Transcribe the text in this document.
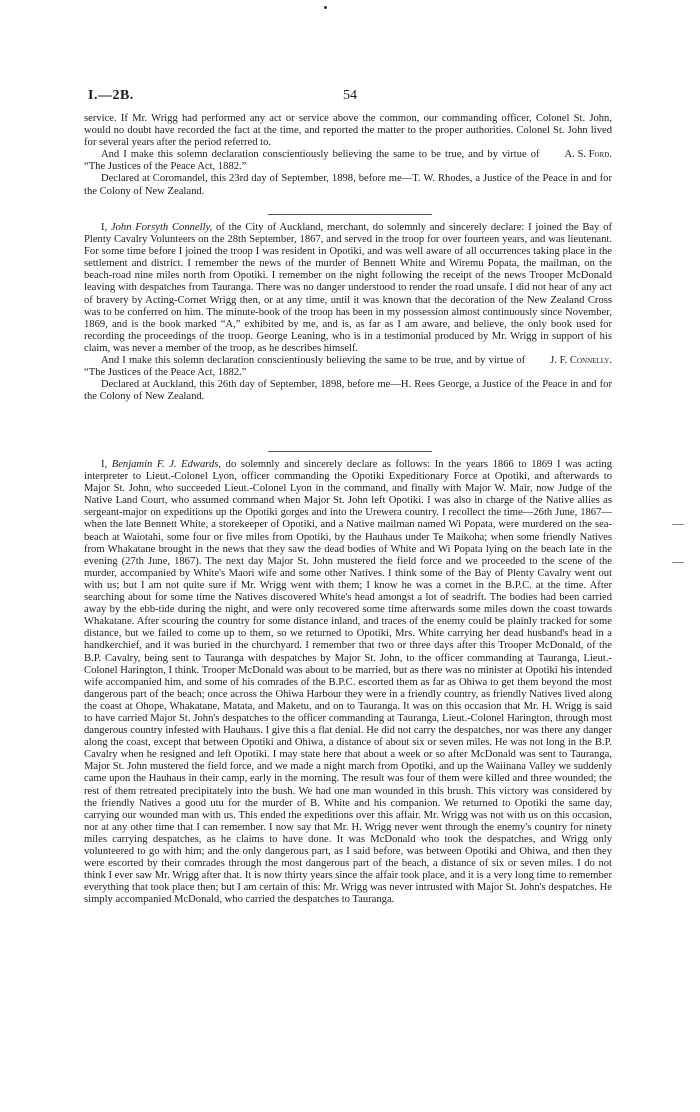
I.—2B.	54

service. If Mr. Wrigg had performed any act or service above the common, our commanding officer, Colonel St. John, would no doubt have recorded the fact at the time, and reported the matter to the proper authorities. Colonel St. John lived for several years after the period referred to.

A. S. Ford.
And I make this solemn declaration conscientiously believing the same to be true, and by virtue of “The Justices of the Peace Act, 1882.”

Declared at Coromandel, this 23rd day of September, 1898, before me—T. W. Rhodes, a Justice of the Peace in and for the Colony of New Zealand.

I, John Forsyth Connelly, of the City of Auckland, merchant, do solemnly and sincerely declare: I joined the Bay of Plenty Cavalry Volunteers on the 28th September, 1867, and served in the troop for over fourteen years, and was lieutenant. For some time before I joined the troop I was resident in Opotiki, and was well aware of all occurrences taking place in the settlement and district. I remember the news of the murder of Bennett White and Wiremu Popata, the mailman, on the beach-road nine miles north from Opotiki. I remember on the night following the receipt of the news Trooper McDonald leaving with despatches from Tauranga. There was no danger understood to render the road unsafe. I did not hear of any act of bravery by Acting-Cornet Wrigg then, or at any time, until it was known that the decoration of the New Zealand Cross was to be conferred on him. The minute-book of the troop has been in my possession almost continuously since November, 1869, and is the book marked “A,” exhibited by me, and is, as far as I am aware, and believe, the only book used for recording the proceedings of the troop. George Leaning, who is in a testimonial produced by Mr. Wrigg in support of his claim, was never a member of the troop, as he describes himself.

J. F. Connelly.
And I make this solemn declaration conscientiously believing the same to be true, and by virtue of “The Justices of the Peace Act, 1882.”

Declared at Auckland, this 26th day of September, 1898, before me—H. Rees George, a Justice of the Peace in and for the Colony of New Zealand.

I, Benjamin F. J. Edwards, do solemnly and sincerely declare as follows: In the years 1866 to 1869 I was acting interpreter to Lieut.-Colonel Lyon, officer commanding the Opotiki Expeditionary Force at Opotiki, and afterwards to Major St. John, who succeeded Lieut.-Colonel Lyon in the command, and finally with Major W. Mair, now Judge of the Native Land Court, who assumed command when Major St. John left Opotiki. I was also in charge of the Native allies as sergeant-major on expeditions up the Opotiki gorges and into the Urewera country. I recollect the time—26th June, 1867—when the late Bennett White, a storekeeper of Opotiki, and a Native mailman named Wi Popata, were murdered on the sea-beach at Waiotahi, some four or five miles from Opotiki, by the Hauhaus under Te Maikoha; when some friendly Natives from Whakatane brought in the news that they saw the dead bodies of White and Wi Popata lying on the beach late in the evening (27th June, 1867). The next day Major St. John mustered the field force and we proceeded to the scene of the murder, accompanied by White's Maori wife and some other Natives. I think some of the Bay of Plenty Cavalry went out with us; but I am not quite sure if Mr. Wrigg went with them; I know he was a cornet in the B.P.C. at the time. After searching about for some time the Natives discovered White's head amongst a lot of seadrift. The bodies had been carried away by the ebb-tide during the night, and were only recovered some time afterwards some miles down the coast towards Whakatane. After scouring the country for some distance inland, and traces of the enemy could be plainly tracked for some distance, but we failed to come up to them, so we returned to Opotiki, Mrs. White carrying her dead husband's head in a handkerchief, and it was buried in the churchyard. I remember that two or three days after this Trooper McDonald, of the B.P. Cavalry, being sent to Tauranga with despatches by Major St. John, to the officer commanding at Tauranga, Lieut.-Colonel Harington, I think. Trooper McDonald was about to be married, but as there was no minister at Opotiki his intended wife accompanied him, and some of his comrades of the B.P.C. escorted them as far as Ohiwa to get them beyond the most dangerous part of the beach; once across the Ohiwa Harbour they were in a friendly country, as friendly Natives lived along the coast at Ohope, Whakatane, Matata, and Maketu, and on to Tauranga. It was on this occasion that Mr. H. Wrigg is said to have carried Major St. John's despatches to the officer commanding at Tauranga, Lieut.-Colonel Harington, through most dangerous country infested with Hauhaus. I give this a flat denial. He did not carry the despatches, nor was there any danger along the coast, except that between Opotiki and Ohiwa, a distance of about six or seven miles. He was not long in the B.P. Cavalry when he resigned and left Opotiki. I may state here that about a week or so after McDonald was sent to Tauranga, Major St. John mustered the field force, and we made a night march from Opotiki, and up the Waiinana Valley we suddenly came upon the Hauhaus in their camp, early in the morning. The result was four of them were killed and three wounded; the rest of them retreated precipitately into the bush. We had one man wounded in this brush. This victory was considered by the friendly Natives a good utu for the murder of B. White and his companion. We returned to Opotiki the same day, carrying our wounded man with us. This ended the expeditions over this affair. Mr. Wrigg was not with us on this occasion, nor at any other time that I can remember. I now say that Mr. H. Wrigg never went through the enemy's country for ninety miles carrying despatches, as he claims to have done. It was McDonald who took the despatches, and Wrigg only volunteered to go with him; and the only dangerous part, as I said before, was between Opotiki and Ohiwa, and then they were escorted by their comrades through the most dangerous part of the beach, a distance of six or seven miles. I do not think I ever saw Mr. Wrigg after that. It is now thirty years since the affair took place, and it is a very long time to remember everything that took place then; but I am certain of this: Mr. Wrigg was never intrusted with Major St. John's despatches. He simply accompanied McDonald, who carried the despatches to Tauranga.
